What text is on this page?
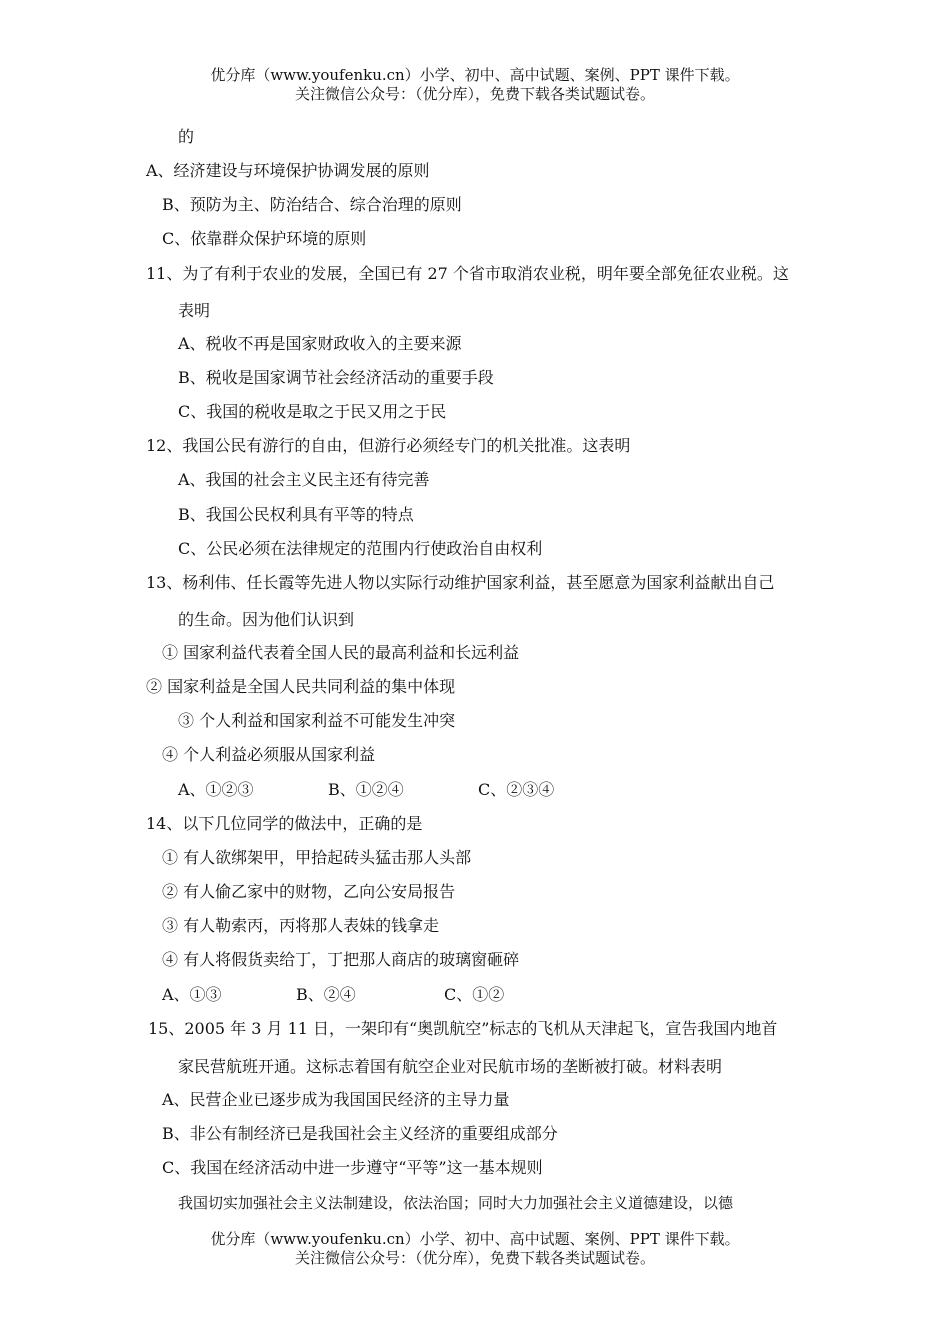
优分库（www.youfenku.cn）小学、初中、高中试题、案例、PPT 课件下载。
关注微信公众号：（优分库），免费下载各类试题试卷。
的
A、经济建设与环境保护协调发展的原则
B、预防为主、防治结合、综合治理的原则
C、依靠群众保护环境的原则
11、为了有利于农业的发展，全国已有 27 个省市取消农业税，明年要全部免征农业税。这
表明
A、税收不再是国家财政收入的主要来源
B、税收是国家调节社会经济活动的重要手段
C、我国的税收是取之于民又用之于民
12、我国公民有游行的自由，但游行必须经专门的机关批准。这表明
A、我国的社会主义民主还有待完善
B、我国公民权利具有平等的特点
C、公民必须在法律规定的范围内行使政治自由权利
13、杨利伟、任长霞等先进人物以实际行动维护国家利益，甚至愿意为国家利益献出自己
的生命。因为他们认识到
① 国家利益代表着全国人民的最高利益和长远利益
② 国家利益是全国人民共同利益的集中体现
③ 个人利益和国家利益不可能发生冲突
④ 个人利益必须服从国家利益
A、①②③	B、①②④	C、②③④
14、以下几位同学的做法中，正确的是
① 有人欲绑架甲，甲拾起砖头猛击那人头部
② 有人偷乙家中的财物，乙向公安局报告
③ 有人勒索丙，丙将那人表妹的钱拿走
④ 有人将假货卖给丁，丁把那人商店的玻璃窗砸碎
A、①③	B、②④	C、①②
15、2005 年 3 月 11 日，一架印有“奥凯航空”标志的飞机从天津起飞，宣告我国内地首
家民营航班开通。这标志着国有航空企业对民航市场的垄断被打破。材料表明
A、民营企业已逐步成为我国国民经济的主导力量
B、非公有制经济已是我国社会主义经济的重要组成部分
C、我国在经济活动中进一步遵守“平等”这一基本规则
我国切实加强社会主义法制建设，依法治国；同时大力加强社会主义道德建设，以德
优分库（www.youfenku.cn）小学、初中、高中试题、案例、PPT 课件下载。
关注微信公众号：（优分库），免费下载各类试题试卷。
